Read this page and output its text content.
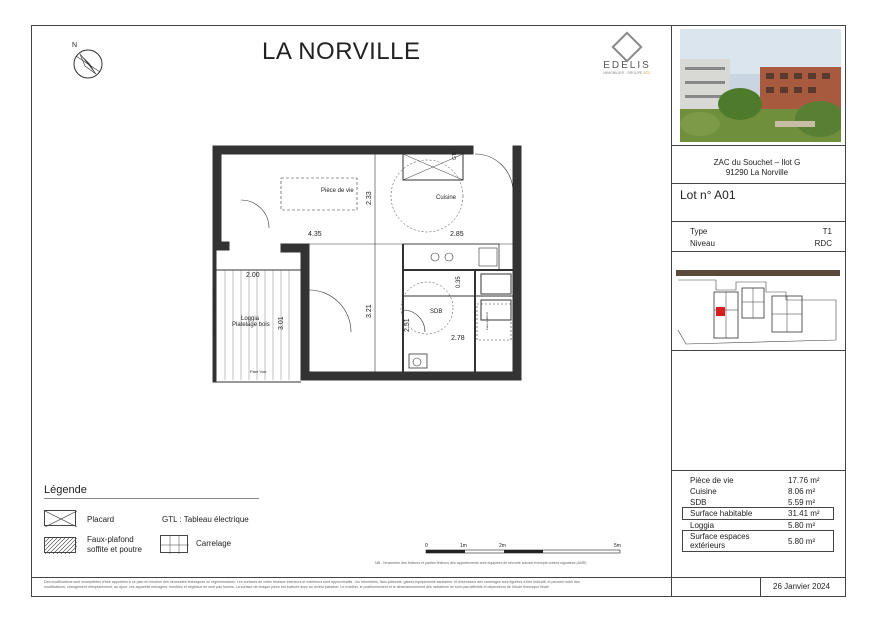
N	LA NORVILLE
EDELIS
IMMOBILIER · GROUPE SCC
ZAC du Souchet – Ilot G
91290 La Norville
Lot n° A01
Type	T1
Niveau	RDC
Pièce de vie	17.76 m²
Cuisine	8.06 m²
SDB	5.59 m²
Surface habitable	31.41 m²
Loggia	5.80 m²
Surface espaces extérieurs	5.80 m²
Pièce de vie
Cuisine
SDB
Loggia
Platelage bois
GTL
Pare Vue
Garde-corps vitré/opaque h 1.00 cm	Faux-plafond
4.35	2.85
2.33
2.00
3.01
3.21
2.51
0.35
2.78
Légende
Placard	GTL : Tableau électrique
Faux-plafond
soffite et poutre
Carrelage	0	1m	2m	5m
NB : l'ensemble des finitions et parties finitions des appartements sont équipées de sécurité suivant exemple cotées signalées (ANR)
Des modifications sont susceptibles d'être apportées à ce plan en fonction des nécessités techniques ou réglementaires. Les surfaces de côtés réseaux intérieurs et extérieurs sont approximatifs : les retombées, faux-plafonds, gaines équipements sanitaires, et dimensions des carrelages sont figurées à titre indicatif, et peuvent subir des
modifications, changement d'emplacement, au ajout. Les appareils ménagers, meubles et végétaux ne sont pas fournis. La surface de chaque pièce est évaluée avec au revêtu plancher. Le mobilier, le positionnement et le dimensionnement des radiateurs ne sont pas définitifs et dépendront de l'étude thermique finale	26 Janvier 2024
